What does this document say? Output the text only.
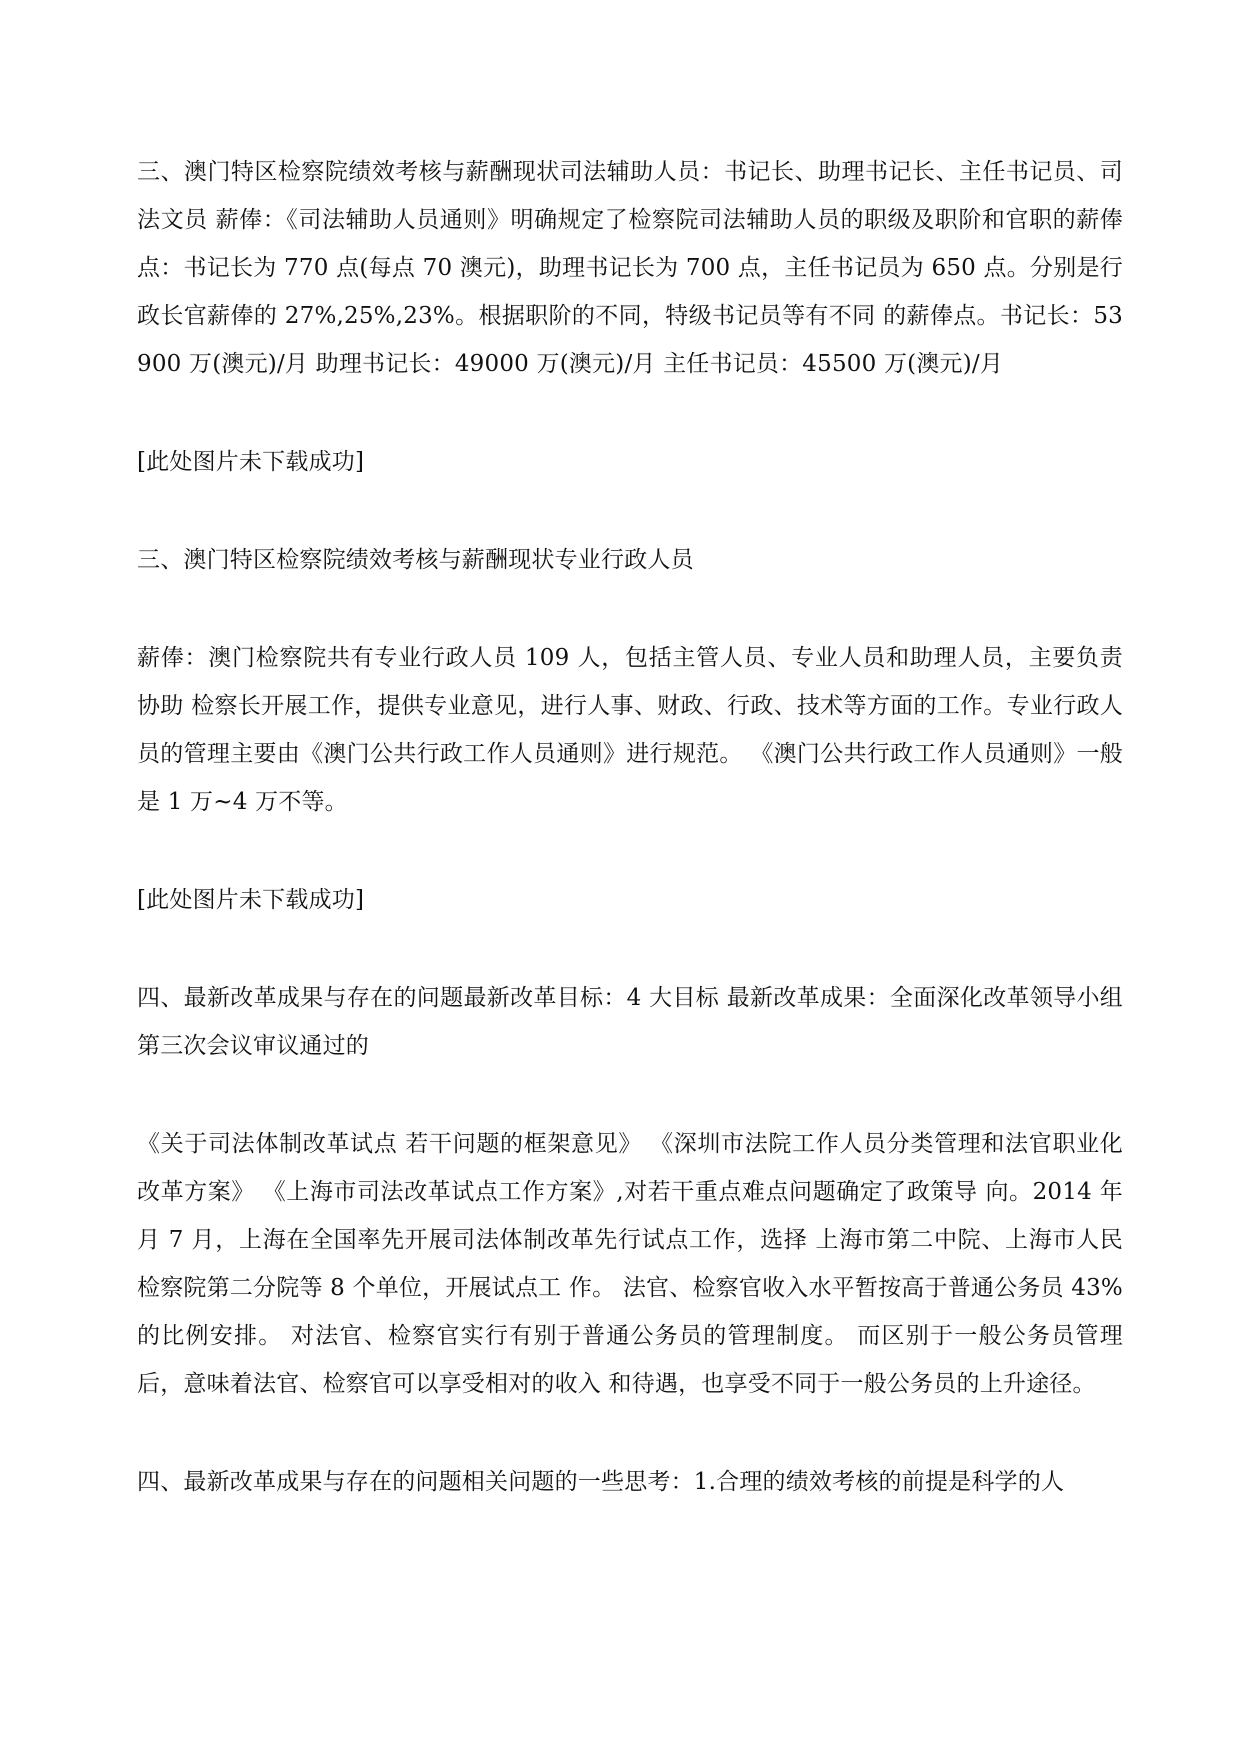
三、澳门特区检察院绩效考核与薪酬现状司法辅助人员：书记长、助理书记长、主任书记员、司法文员 薪俸：《司法辅助人员通则》明确规定了检察院司法辅助人员的职级及职阶和官职的薪俸 点：书记长为 770 点(每点 70 澳元)，助理书记长为 700 点，主任书记员为 650 点。分别是行政长官薪俸的 27%,25%,23%。根据职阶的不同，特级书记员等有不同 的薪俸点。书记长：53900 万(澳元)/月 助理书记长：49000 万(澳元)/月 主任书记员：45500 万(澳元)/月

[此处图片未下载成功]

三、澳门特区检察院绩效考核与薪酬现状专业行政人员

薪俸：澳门检察院共有专业行政人员 109 人，包括主管人员、专业人员和助理人员，主要负责协助 检察长开展工作，提供专业意见，进行人事、财政、行政、技术等方面的工作。专业行政人 员的管理主要由《澳门公共行政工作人员通则》进行规范。 《澳门公共行政工作人员通则》一般是 1 万~4 万不等。

[此处图片未下载成功]

四、最新改革成果与存在的问题最新改革目标：4 大目标 最新改革成果：全面深化改革领导小组第三次会议审议通过的

《关于司法体制改革试点 若干问题的框架意见》 《深圳市法院工作人员分类管理和法官职业化改革方案》 《上海市司法改革试点工作方案》,对若干重点难点问题确定了政策导 向。2014 年月 7 月，上海在全国率先开展司法体制改革先行试点工作，选择 上海市第二中院、上海市人民检察院第二分院等 8 个单位，开展试点工 作。 法官、检察官收入水平暂按高于普通公务员 43%的比例安排。 对法官、检察官实行有别于普通公务员的管理制度。 而区别于一般公务员管理后，意味着法官、检察官可以享受相对的收入 和待遇，也享受不同于一般公务员的上升途径。

四、最新改革成果与存在的问题相关问题的一些思考：1.合理的绩效考核的前提是科学的人
